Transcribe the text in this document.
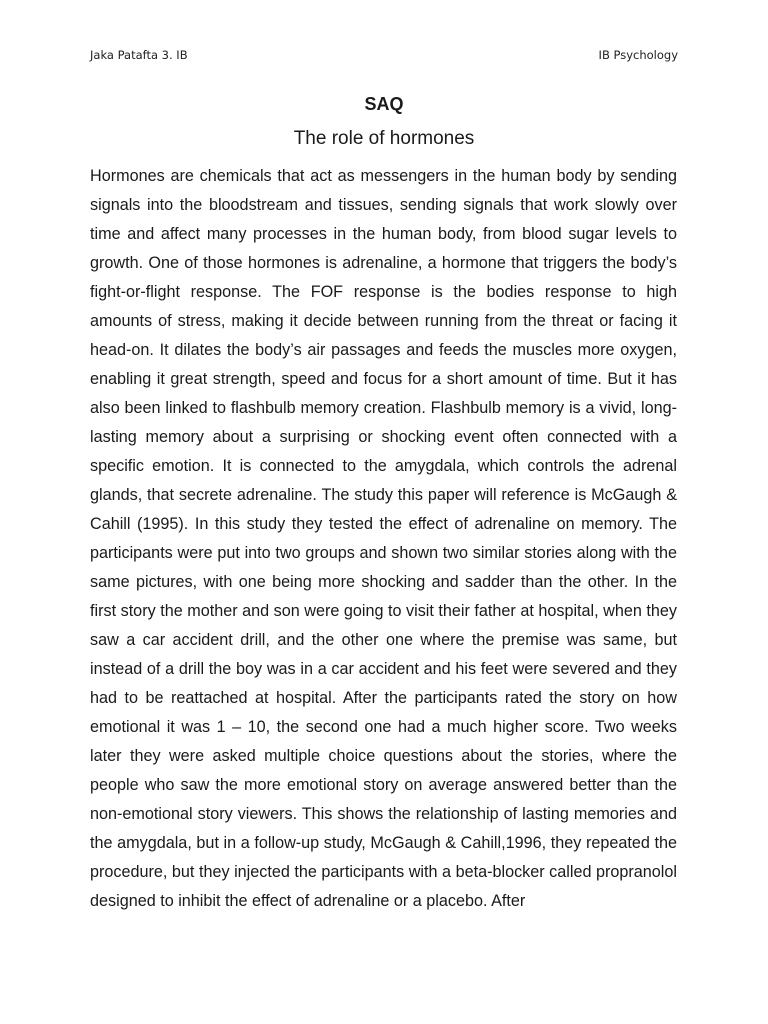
Jaka Patafta 3. IB	IB Psychology
SAQ
The role of hormones

Hormones are chemicals that act as messengers in the human body by sending signals into the bloodstream and tissues, sending signals that work slowly over time and affect many processes in the human body, from blood sugar levels to growth. One of those hormones is adrenaline, a hormone that triggers the body’s fight-or-flight response. The FOF response is the bodies response to high amounts of stress, making it decide between running from the threat or facing it head-on. It dilates the body’s air passages and feeds the muscles more oxygen, enabling it great strength, speed and focus for a short amount of time. But it has also been linked to flashbulb memory creation. Flashbulb memory is a vivid, long-lasting memory about a surprising or shocking event often connected with a specific emotion. It is connected to the amygdala, which controls the adrenal glands, that secrete adrenaline. The study this paper will reference is McGaugh & Cahill (1995). In this study they tested the effect of adrenaline on memory. The participants were put into two groups and shown two similar stories along with the same pictures, with one being more shocking and sadder than the other. In the first story the mother and son were going to visit their father at hospital, when they saw a car accident drill, and the other one where the premise was same, but instead of a drill the boy was in a car accident and his feet were severed and they had to be reattached at hospital. After the participants rated the story on how emotional it was 1 – 10, the second one had a much higher score. Two weeks later they were asked multiple choice questions about the stories, where the people who saw the more emotional story on average answered better than the non-emotional story viewers. This shows the relationship of lasting memories and the amygdala, but in a follow-up study, McGaugh & Cahill,1996, they repeated the procedure, but they injected the participants with a beta-blocker called propranolol designed to inhibit the effect of adrenaline or a placebo. After
